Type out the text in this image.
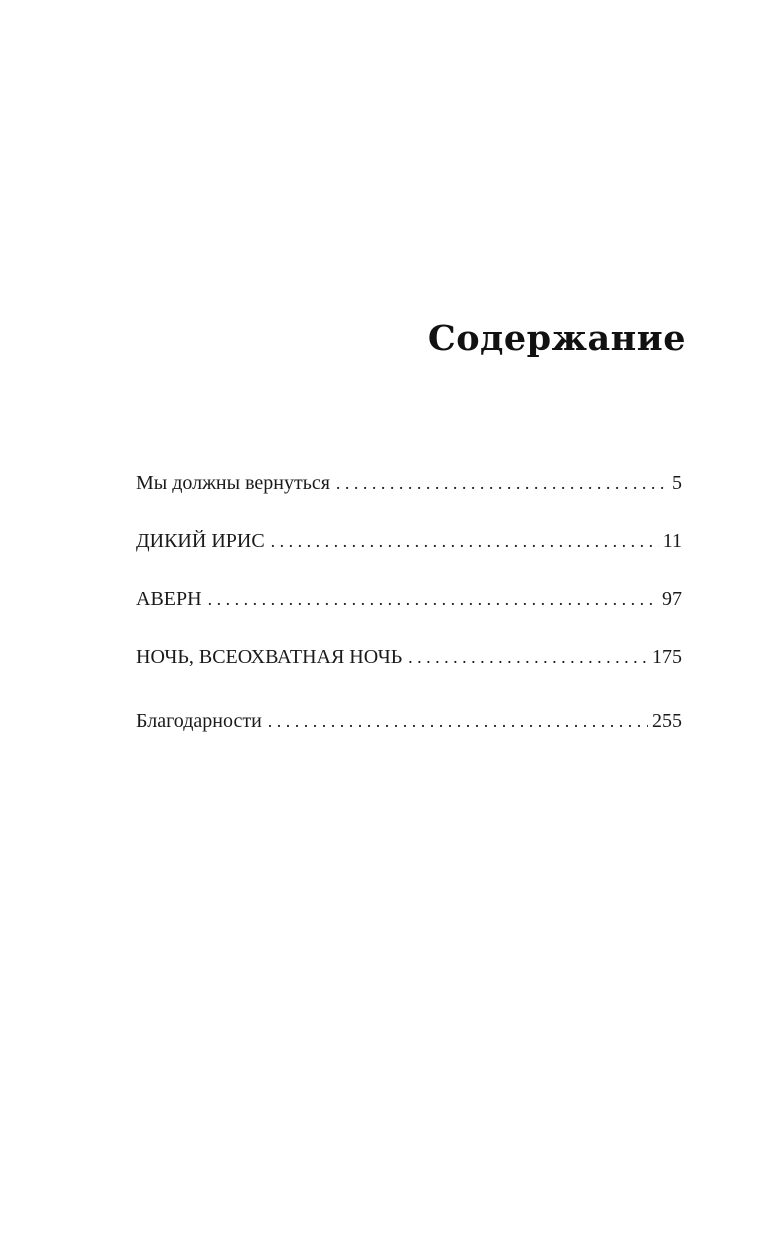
Содержание
Мы должны вернуться . . .	5
ДИКИЙ ИРИС . . .	11
АВЕРН . . .	97
НОЧЬ, ВСЕОХВАТНАЯ НОЧЬ . . .	175
Благодарности . . .	255
